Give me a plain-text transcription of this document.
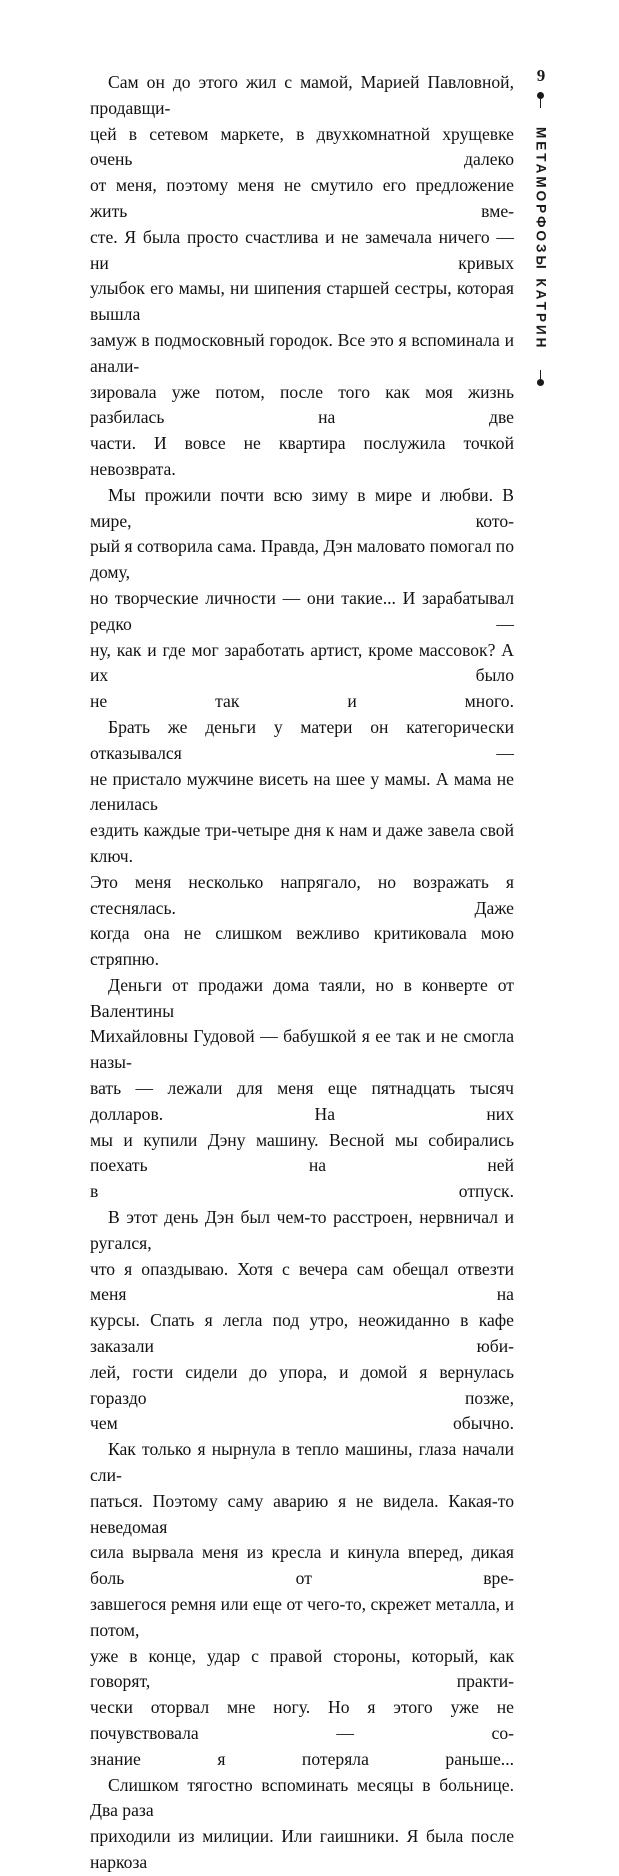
9
МЕТАМОРФОЗЫ КАТРИН

Сам он до этого жил с мамой, Марией Павловной, продавщи-
цей в сетевом маркете, в двухкомнатной хрущевке очень далеко
от меня, поэтому меня не смутило его предложение жить вме-
сте. Я была просто счастлива и не замечала ничего — ни кривых
улыбок его мамы, ни шипения старшей сестры, которая вышла
замуж в подмосковный городок. Все это я вспоминала и анали-
зировала уже потом, после того как моя жизнь разбилась на две
части. И вовсе не квартира послужила точкой невозврата.

Мы прожили почти всю зиму в мире и любви. В мире, кото-
рый я сотворила сама. Правда, Дэн маловато помогал по дому,
но творческие личности — они такие... И зарабатывал редко —
ну, как и где мог заработать артист, кроме массовок? А их было
не так и много.

Брать же деньги у матери он категорически отказывался —
не пристало мужчине висеть на шее у мамы. А мама не ленилась
ездить каждые три-четыре дня к нам и даже завела свой ключ.
Это меня несколько напрягало, но возражать я стеснялась. Даже
когда она не слишком вежливо критиковала мою стряпню.

Деньги от продажи дома таяли, но в конверте от Валентины
Михайловны Гудовой — бабушкой я ее так и не смогла назы-
вать — лежали для меня еще пятнадцать тысяч долларов. На них
мы и купили Дэну машину. Весной мы собирались поехать на ней
в отпуск.

В этот день Дэн был чем-то расстроен, нервничал и ругался,
что я опаздываю. Хотя с вечера сам обещал отвезти меня на
курсы. Спать я легла под утро, неожиданно в кафе заказали юби-
лей, гости сидели до упора, и домой я вернулась гораздо позже,
чем обычно.

Как только я нырнула в тепло машины, глаза начали сли-
паться. Поэтому саму аварию я не видела. Какая-то неведомая
сила вырвала меня из кресла и кинула вперед, дикая боль от вре-
завшегося ремня или еще от чего-то, скрежет металла, и потом,
уже в конце, удар с правой стороны, который, как говорят, практи-
чески оторвал мне ногу. Но я этого уже не почувствовала — со-
знание я потеряла раньше...

Слишком тягостно вспоминать месяцы в больнице. Два раза
приходили из милиции. Или гаишники. Я была после наркоза
